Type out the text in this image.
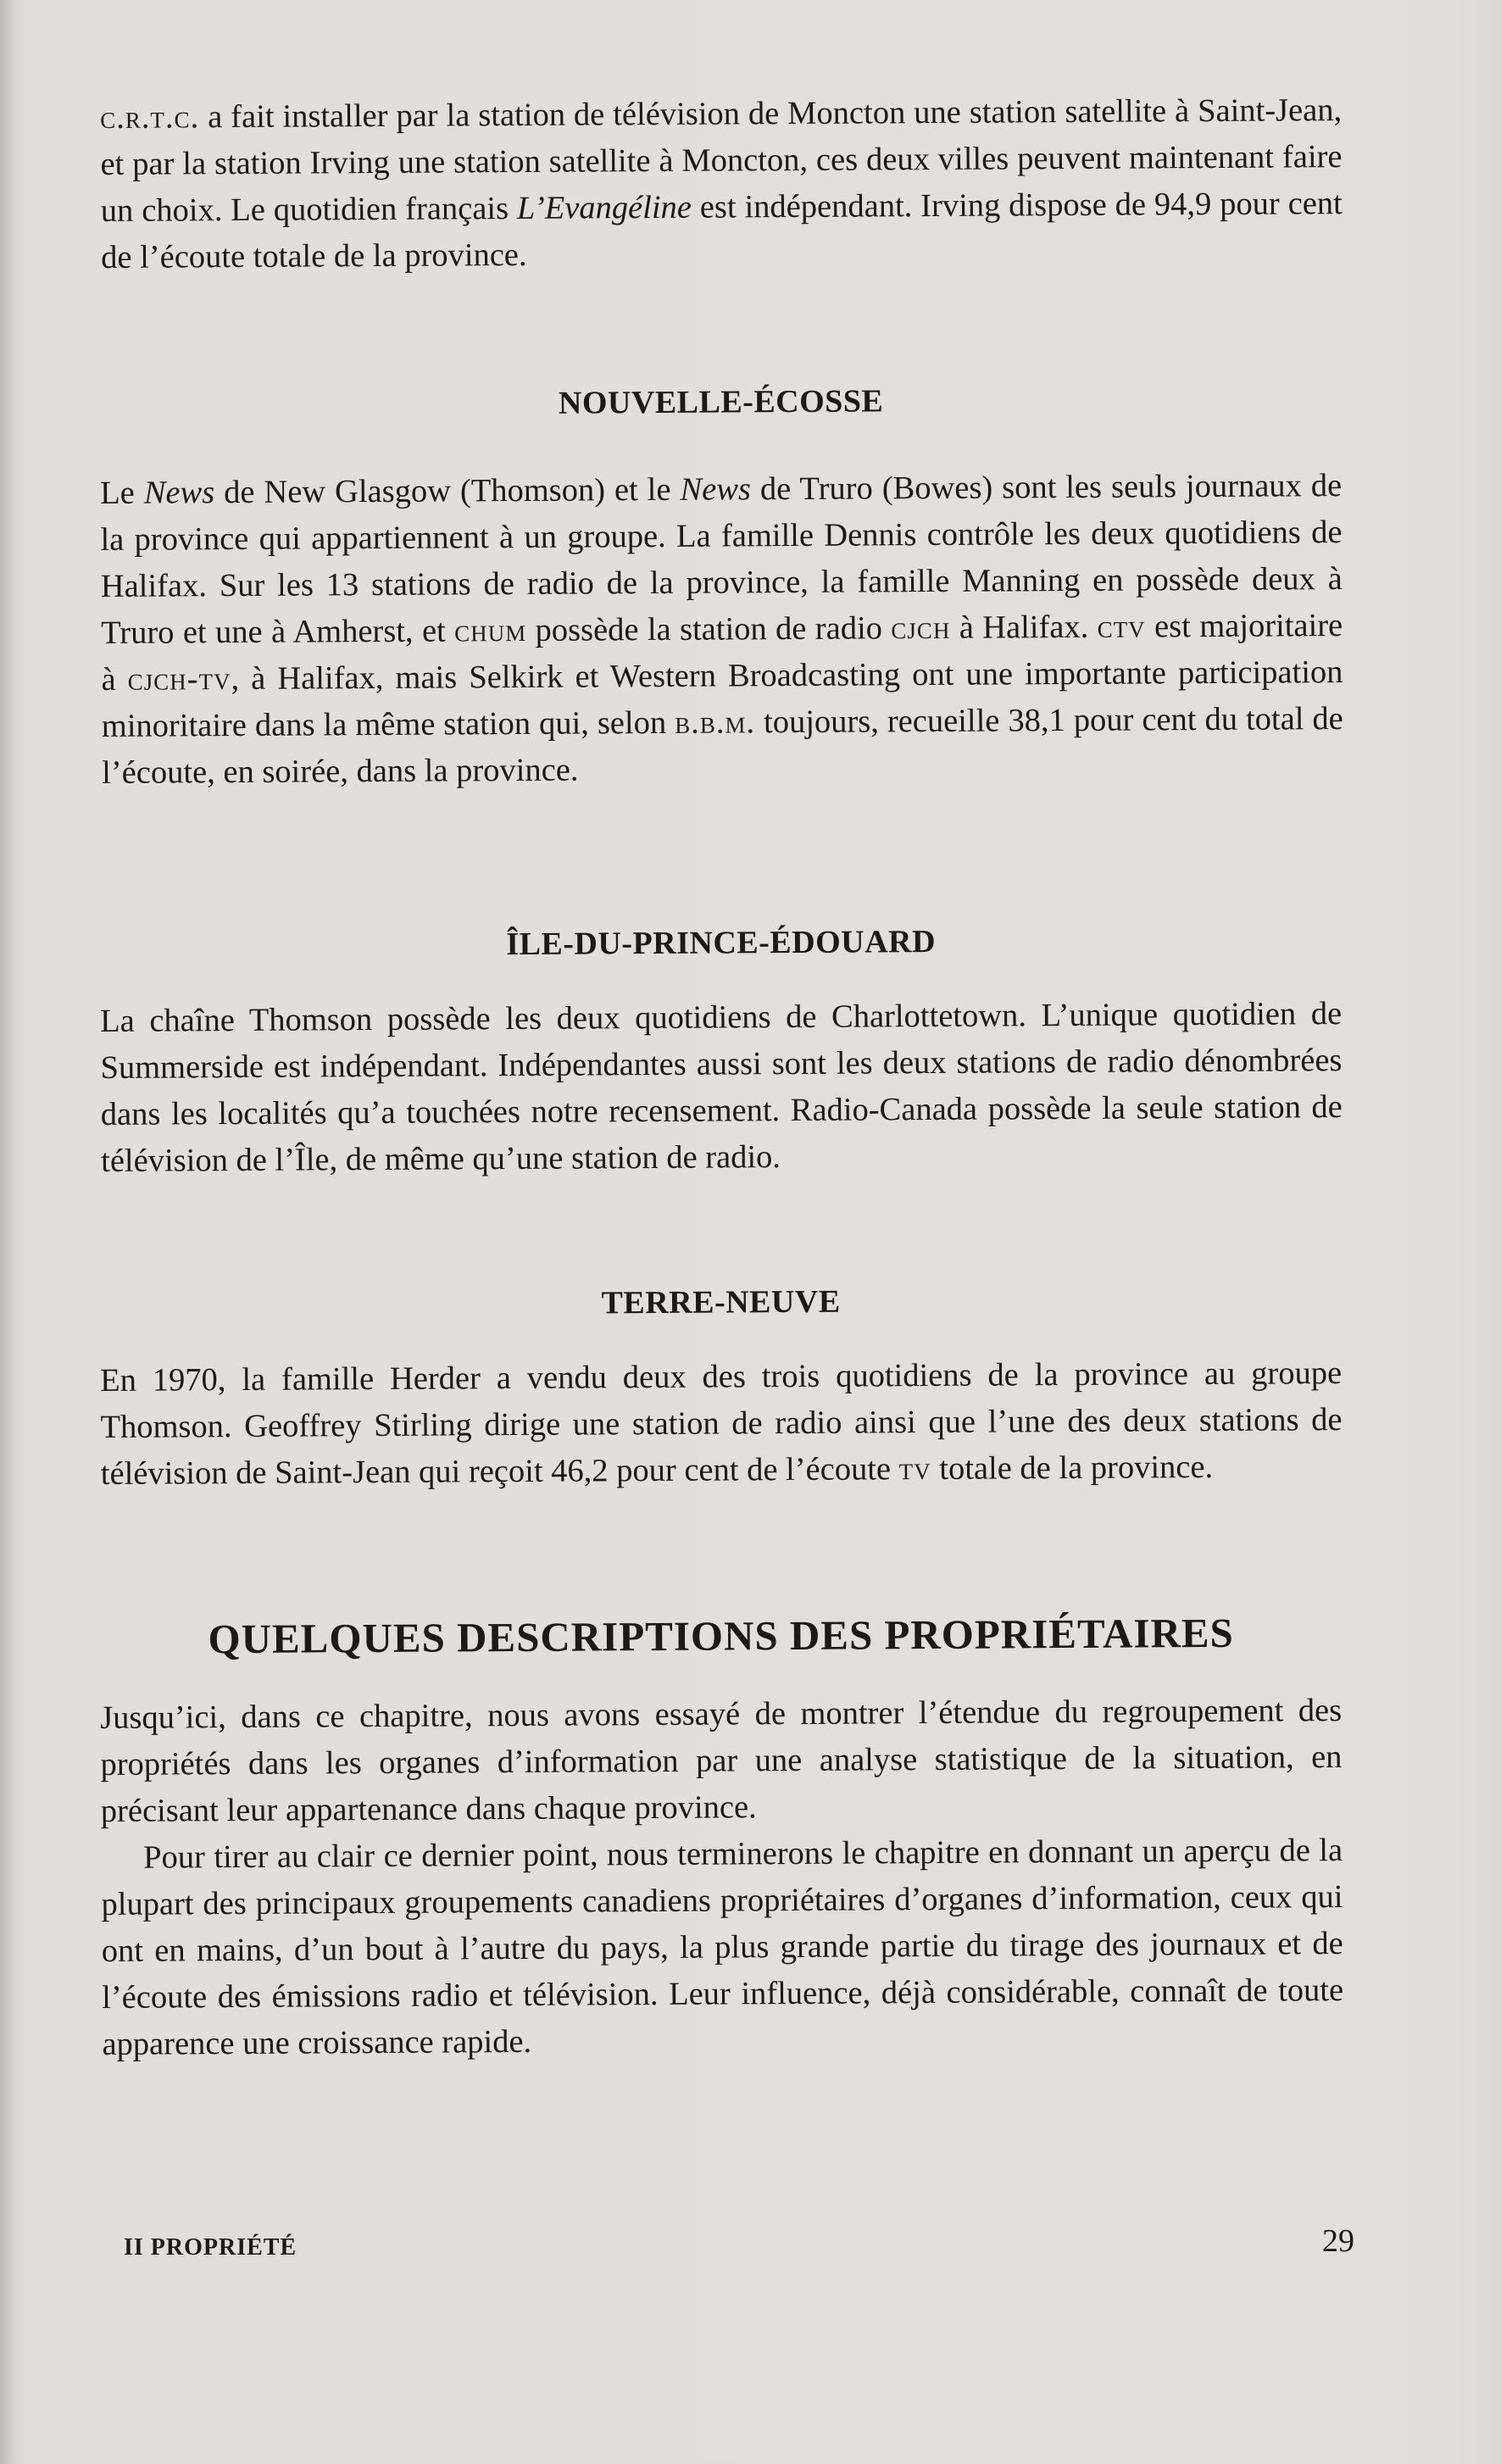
c.r.t.c. a fait installer par la station de télévision de Moncton une station satellite à Saint-Jean, et par la station Irving une station satellite à Moncton, ces deux villes peuvent maintenant faire un choix. Le quotidien français L’Evangéline est indépendant. Irving dispose de 94,9 pour cent de l’écoute totale de la province.

NOUVELLE-ÉCOSSE

Le News de New Glasgow (Thomson) et le News de Truro (Bowes) sont les seuls journaux de la province qui appartiennent à un groupe. La famille Dennis contrôle les deux quotidiens de Halifax. Sur les 13 stations de radio de la province, la famille Manning en possède deux à Truro et une à Amherst, et chum possède la station de radio cjch à Halifax. ctv est majoritaire à cjch-tv, à Halifax, mais Selkirk et Western Broadcasting ont une importante participation minoritaire dans la même station qui, selon b.b.m. toujours, recueille 38,1 pour cent du total de l’écoute, en soirée, dans la province.

ÎLE-DU-PRINCE-ÉDOUARD

La chaîne Thomson possède les deux quotidiens de Charlottetown. L’unique quotidien de Summerside est indépendant. Indépendantes aussi sont les deux stations de radio dénombrées dans les localités qu’a touchées notre recensement. Radio-Canada possède la seule station de télévision de l’Île, de même qu’une station de radio.

TERRE-NEUVE

En 1970, la famille Herder a vendu deux des trois quotidiens de la province au groupe Thomson. Geoffrey Stirling dirige une station de radio ainsi que l’une des deux stations de télévision de Saint-Jean qui reçoit 46,2 pour cent de l’écoute tv totale de la province.

QUELQUES DESCRIPTIONS DES PROPRIÉTAIRES

Jusqu’ici, dans ce chapitre, nous avons essayé de montrer l’étendue du regroupement des propriétés dans les organes d’information par une analyse statistique de la situation, en précisant leur appartenance dans chaque province.

Pour tirer au clair ce dernier point, nous terminerons le chapitre en donnant un aperçu de la plupart des principaux groupements canadiens propriétaires d’organes d’information, ceux qui ont en mains, d’un bout à l’autre du pays, la plus grande partie du tirage des journaux et de l’écoute des émissions radio et télévision. Leur influence, déjà considérable, connaît de toute apparence une croissance rapide.

II PROPRIÉTÉ	29
